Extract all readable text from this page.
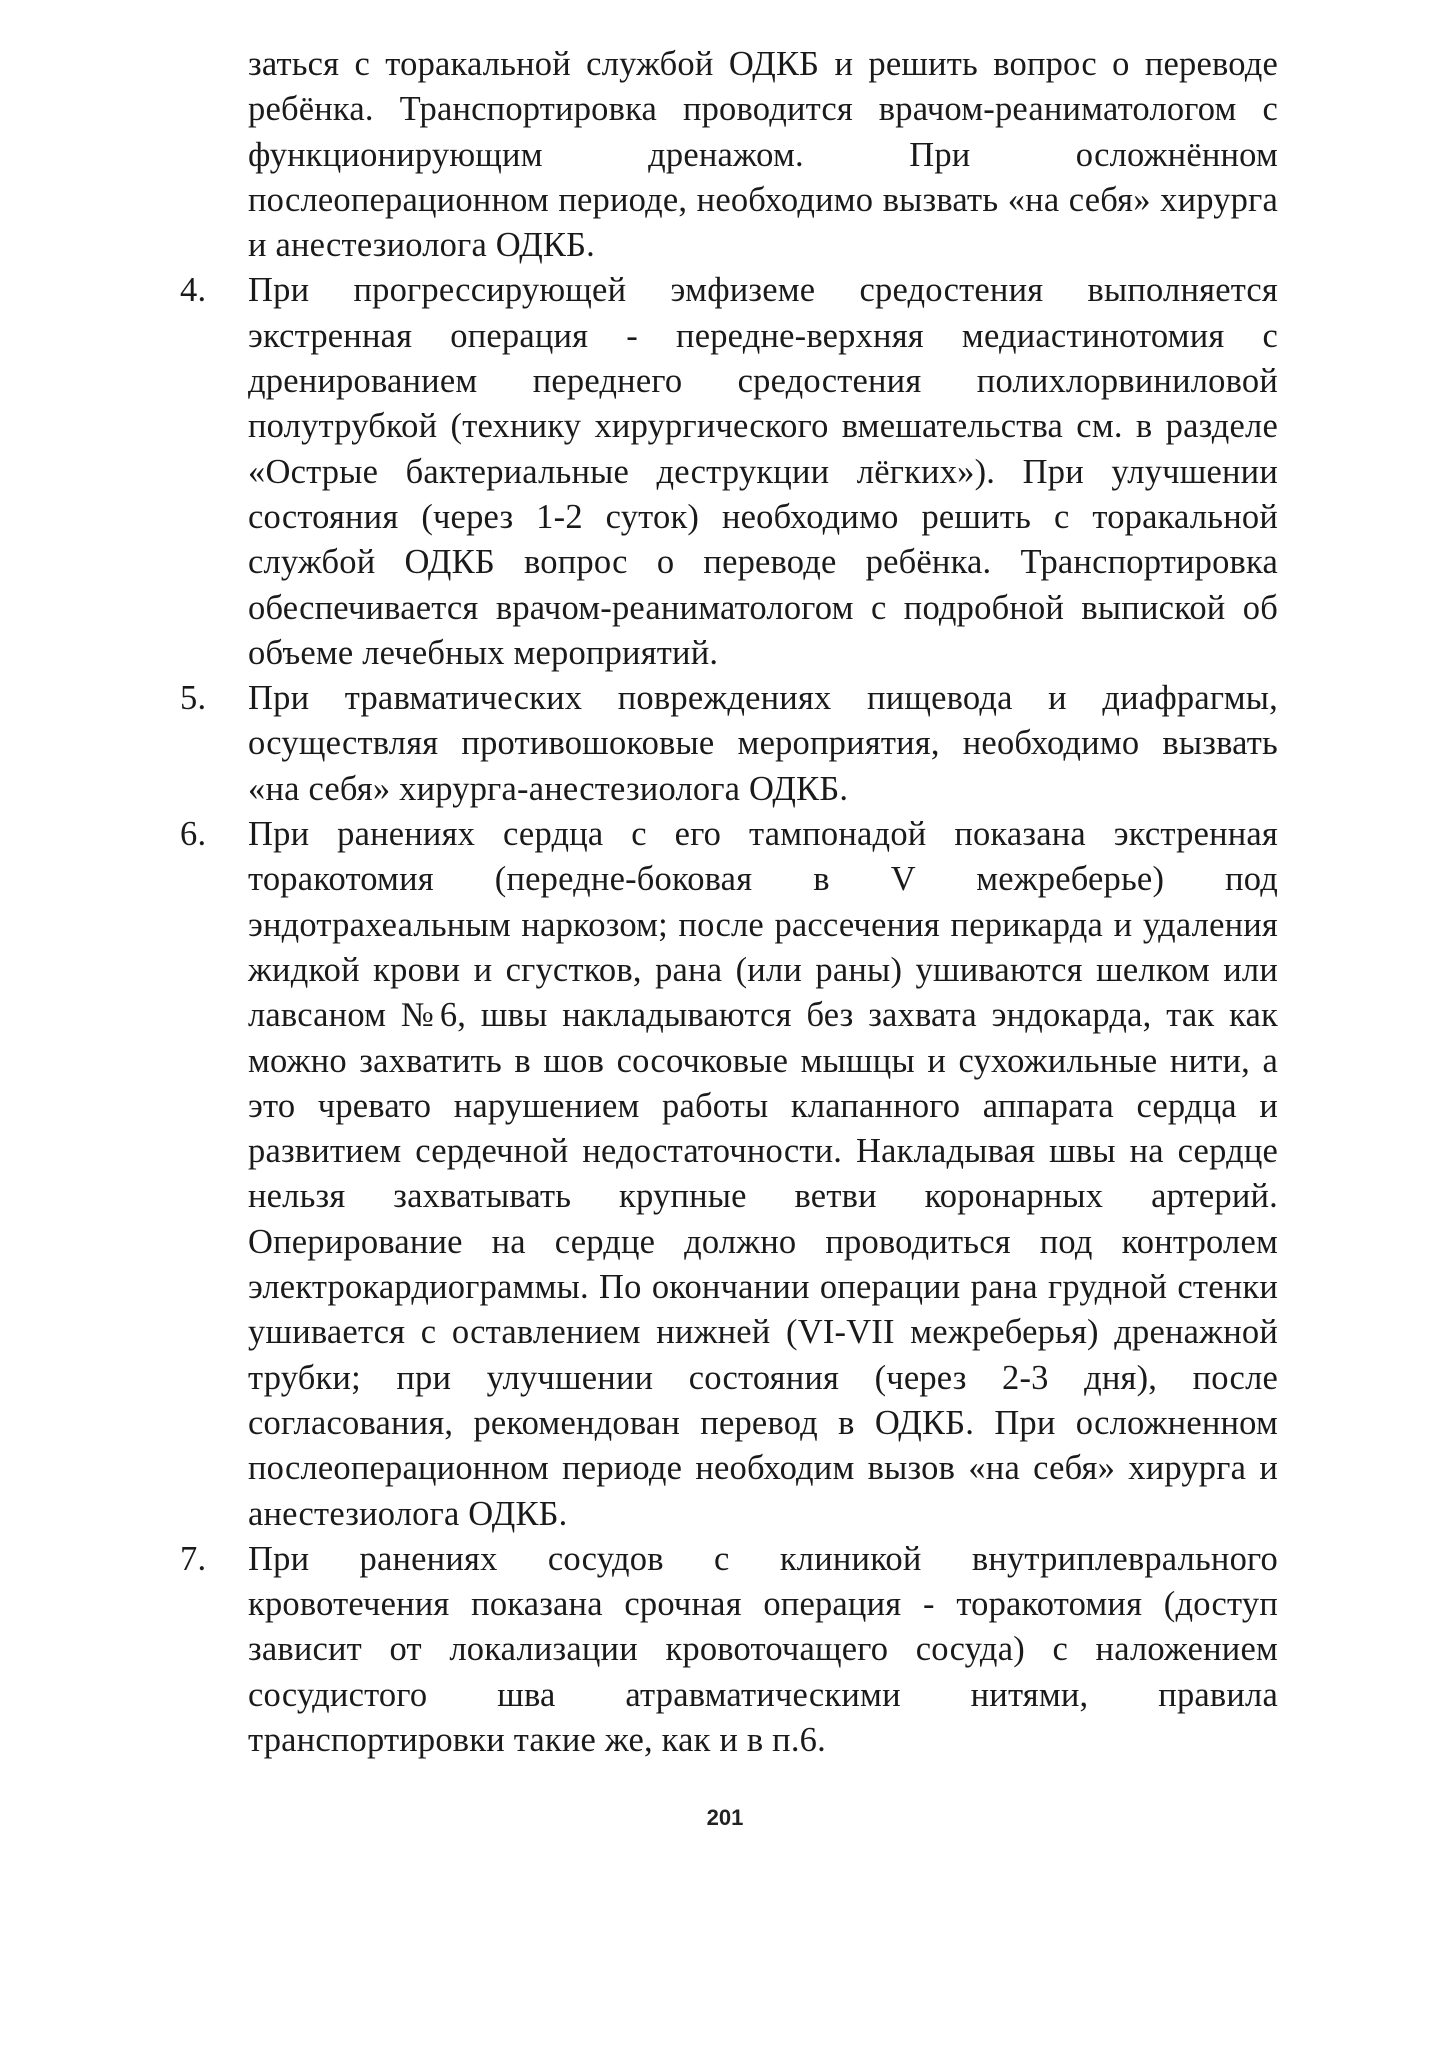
заться с торакальной службой ОДКБ и решить вопрос о переводе ребёнка. Транспортировка проводится врачом-реаниматологом с функционирующим дренажом. При осложнённом послеоперационном периоде, необходимо вызвать «на себя» хирурга и анестезиолога ОДКБ.

4.	При прогрессирующей эмфиземе средостения выполняется экстренная операция - передне-верхняя медиастинотомия с дренированием переднего средостения полихлорвиниловой полутрубкой (технику хирургического вмешательства см. в разделе «Острые бактериальные деструкции лёгких»). При улучшении состояния (через 1-2 суток) необходимо решить с торакальной службой ОДКБ вопрос о переводе ребёнка. Транспортировка обеспечивается врачом-реаниматологом с подробной выпиской об объеме лечебных мероприятий.
5.	При травматических повреждениях пищевода и диафрагмы, осуществляя противошоковые мероприятия, необходимо вызвать «на себя» хирурга-анестезиолога ОДКБ.
6.	При ранениях сердца с его тампонадой показана экстренная торакотомия (передне-боковая в V межреберье) под эндотрахеальным наркозом; после рассечения перикарда и удаления жидкой крови и сгустков, рана (или раны) ушиваются шелком или лавсаном №6, швы накладываются без захвата эндокарда, так как можно захватить в шов сосочковые мышцы и сухожильные нити, а это чревато нарушением работы клапанного аппарата сердца и развитием сердечной недостаточности. Накладывая швы на сердце нельзя захватывать крупные ветви коронарных артерий. Оперирование на сердце должно проводиться под контролем электрокардиограммы. По окончании операции рана грудной стенки ушивается с оставлением нижней (VI-VII межреберья) дренажной трубки; при улучшении состояния (через 2-3 дня), после согласования, рекомендован перевод в ОДКБ. При осложненном послеоперационном периоде необходим вызов «на себя» хирурга и анестезиолога ОДКБ.
7.	При ранениях сосудов с клиникой внутриплеврального кровотечения показана срочная операция - торакотомия (доступ зависит от локализации кровоточащего сосуда) с наложением сосудистого шва атравматическими нитями, правила транспортировки такие же, как и в п.6.
201
